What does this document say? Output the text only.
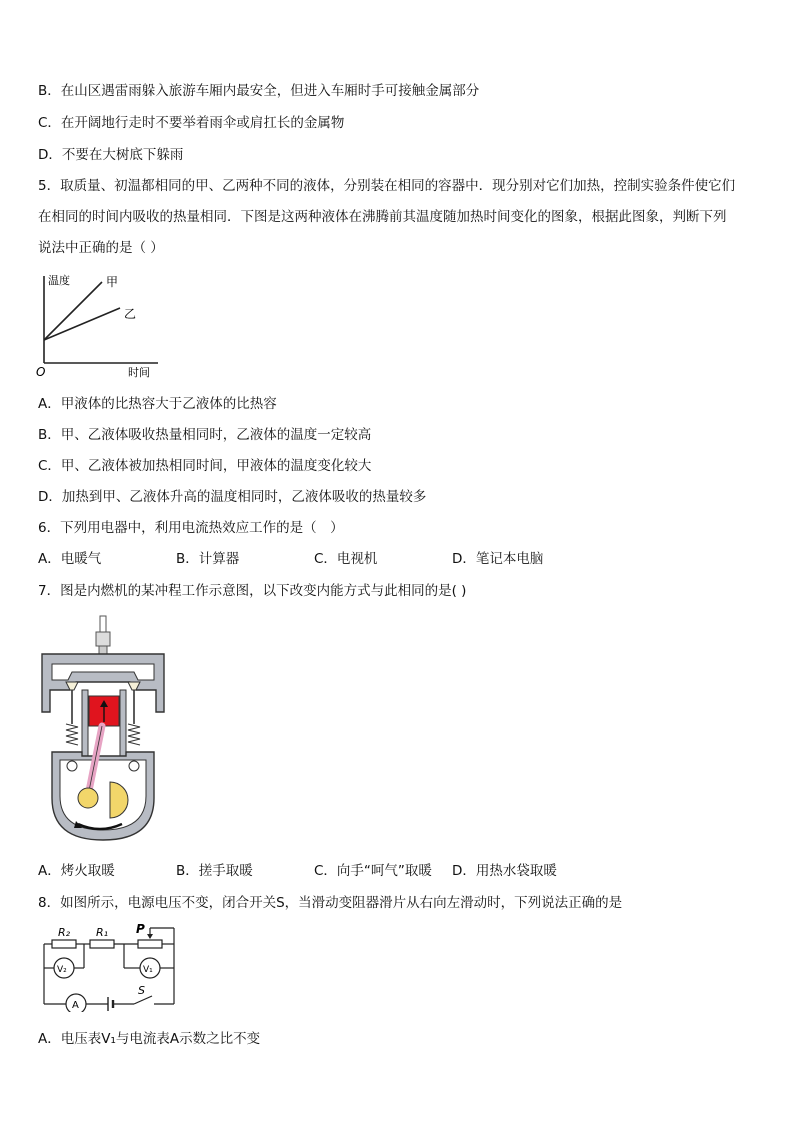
B．在山区遇雷雨躲入旅游车厢内最安全，但进入车厢时手可接触金属部分
C．在开阔地行走时不要举着雨伞或肩扛长的金属物
D．不要在大树底下躲雨
5．取质量、初温都相同的甲、乙两种不同的液体，分别装在相同的容器中．现分别对它们加热，控制实验条件使它们
在相同的时间内吸收的热量相同．下图是这两种液体在沸腾前其温度随加热时间变化的图象，根据此图象，判断下列
说法中正确的是（ ）
温度	甲
乙
O	时间
A．甲液体的比热容大于乙液体的比热容
B．甲、乙液体吸收热量相同时，乙液体的温度一定较高
C．甲、乙液体被加热相同时间，甲液体的温度变化较大
D．加热到甲、乙液体升高的温度相同时，乙液体吸收的热量较多
6．下列用电器中，利用电流热效应工作的是（　）
A．电暖气	B．计算器	C．电视机	D．笔记本电脑
7．图是内燃机的某冲程工作示意图，以下改变内能方式与此相同的是( )
A．烤火取暖	B．搓手取暖	C．向手“呵气”取暖 D．用热水袋取暖
8．如图所示，电源电压不变，闭合开关S，当滑动变阻器滑片从右向左滑动时，下列说法正确的是
R₂ R₁ P
V₂	V₁
A
S
A．电压表V₁与电流表A示数之比不变
